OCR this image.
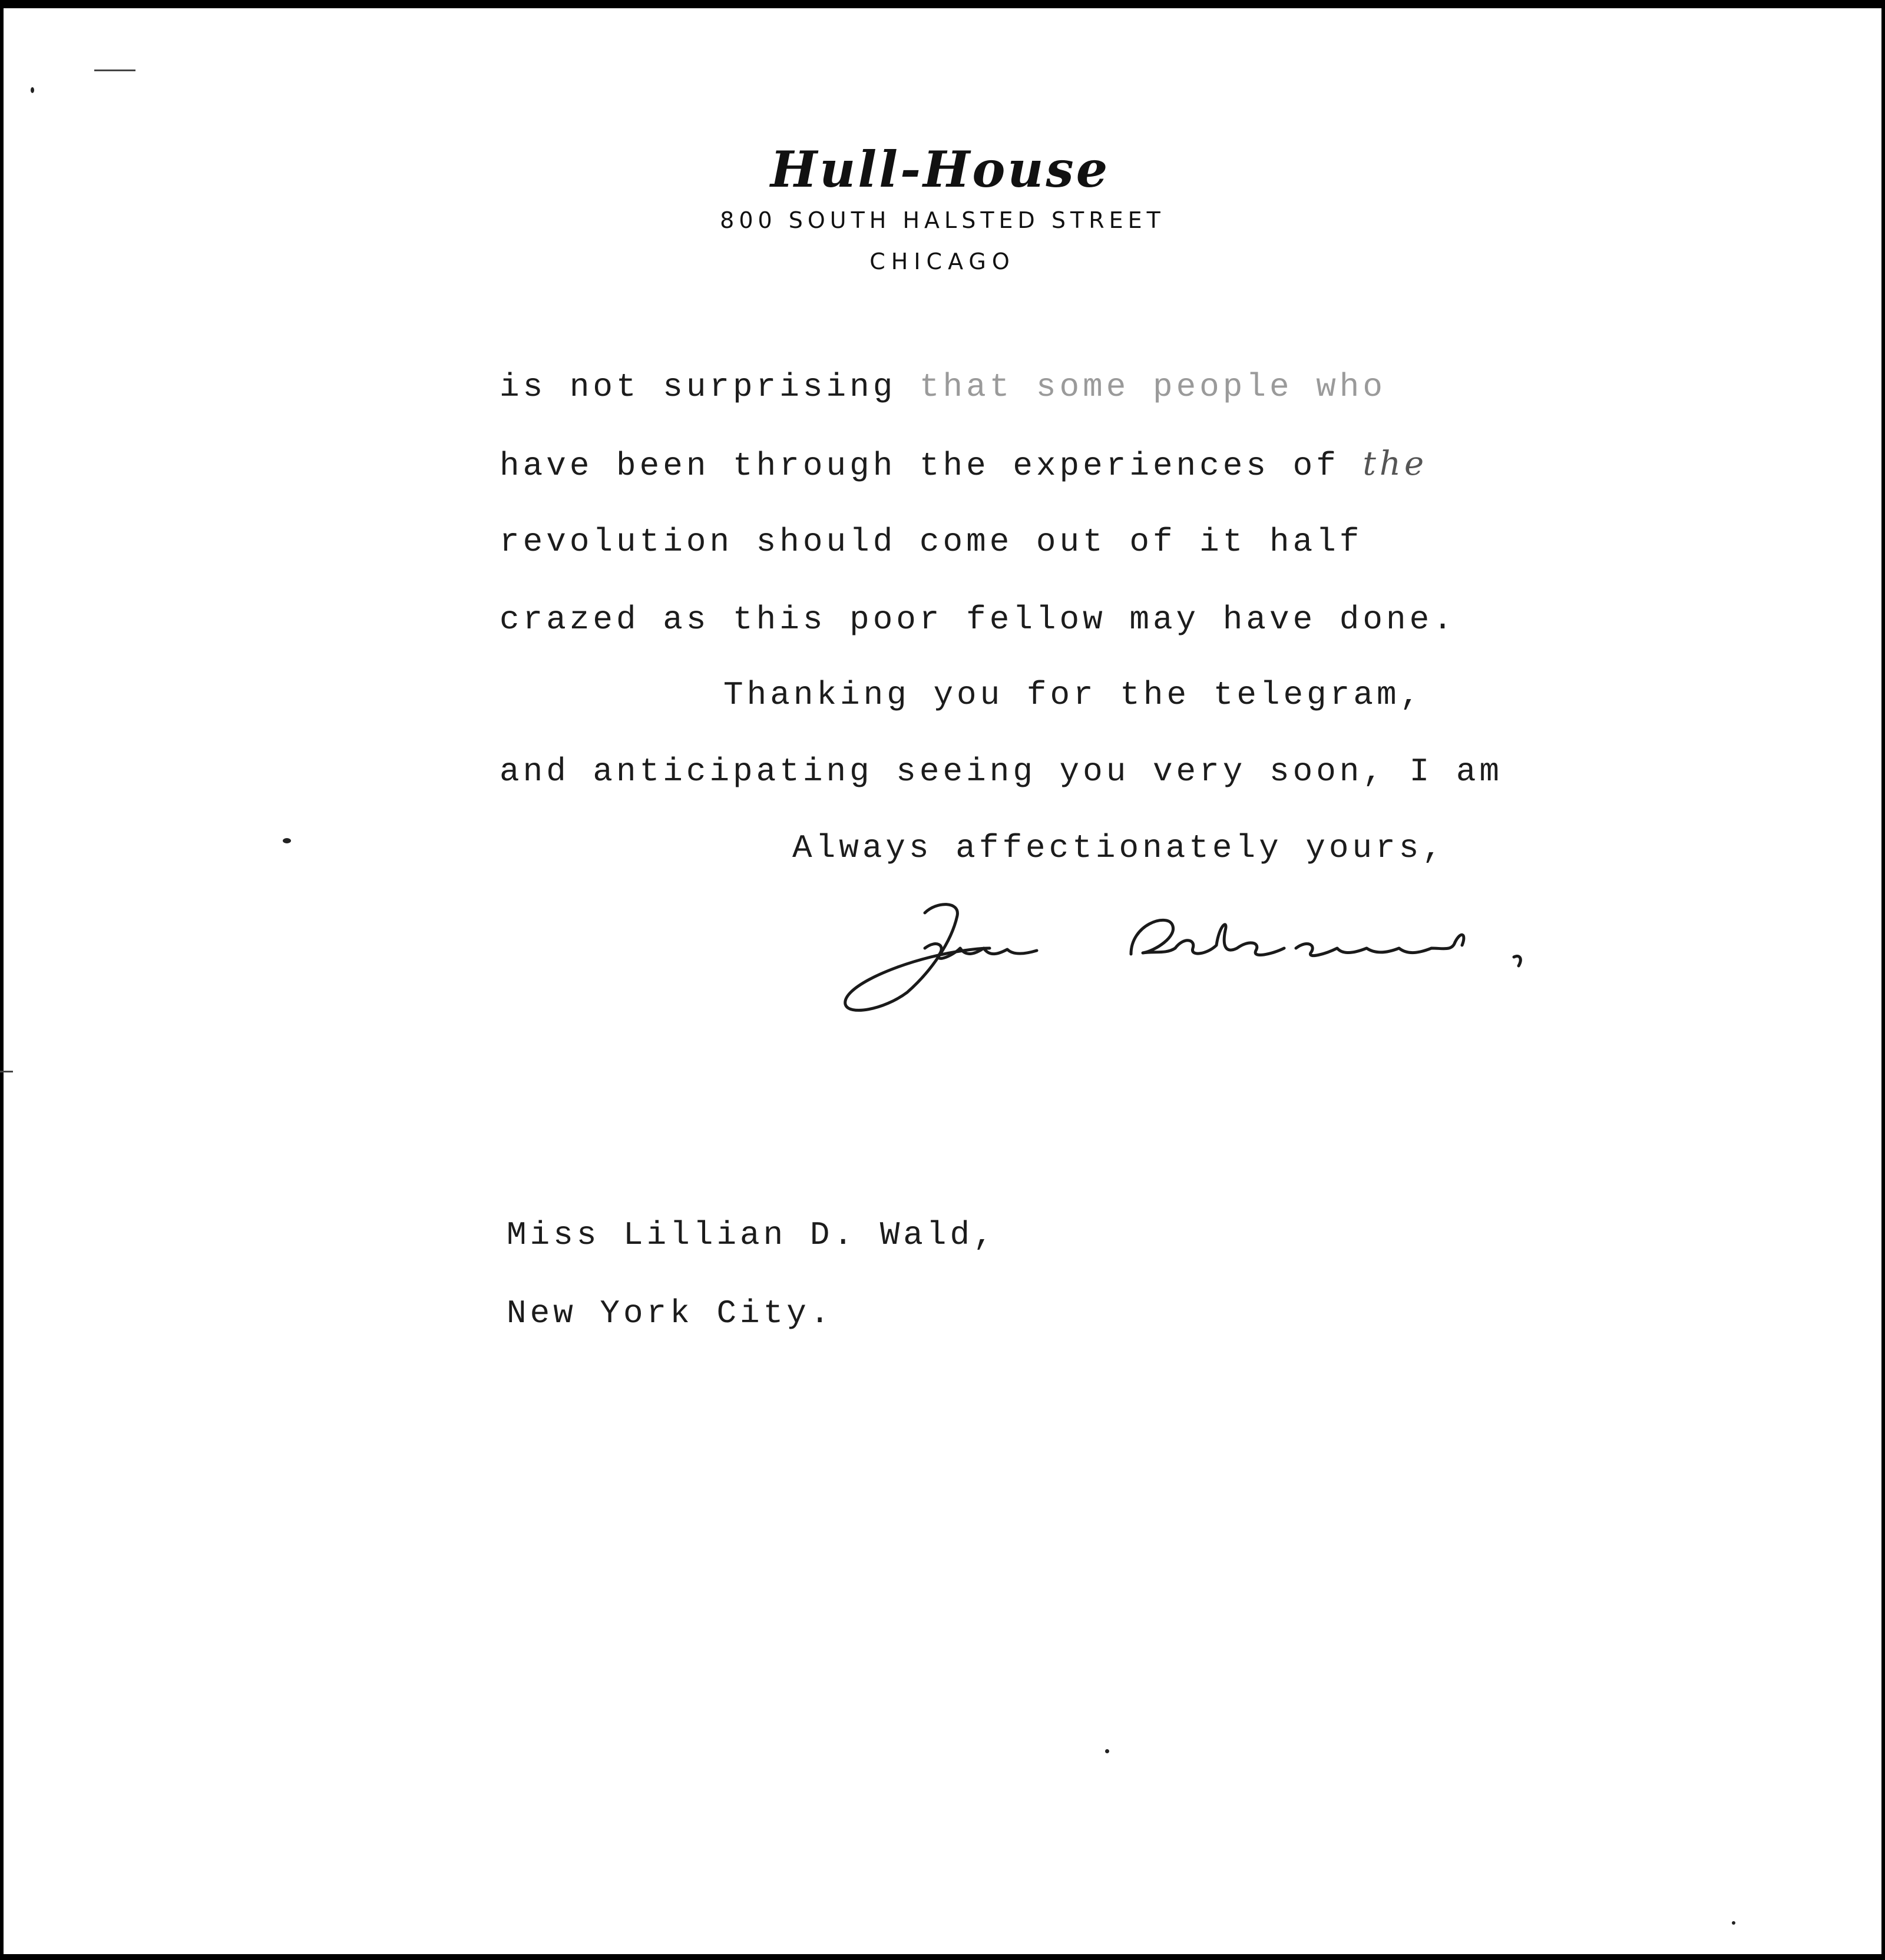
Hull-House
800 SOUTH HALSTED STREET
CHICAGO
is not surprising that some people who
have been through the experiences of the
revolution should come out of it half
crazed as this poor fellow may have done.
Thanking you for the telegram,
and anticipating seeing you very soon, I am
Always affectionately yours,
Miss Lillian D. Wald,
New York City.
